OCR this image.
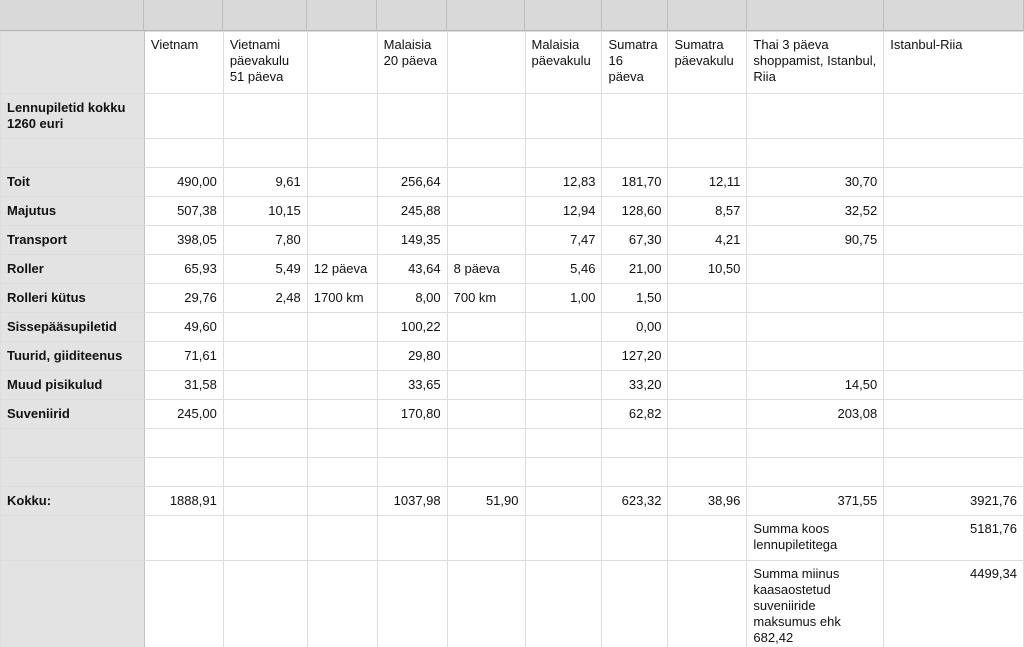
	Vietnam	Vietnami päevakulu 51 päeva		Malaisia 20 päeva		Malaisia päevakulu	Sumatra 16 päeva	Sumatra päevakulu	Thai 3 päeva shoppamist, Istanbul, Riia	Istanbul-Riia
Lennupiletid kokku 1260 euri										

Toit	490,00	9,61		256,64		12,83	181,70	12,11	30,70	
Majutus	507,38	10,15		245,88		12,94	128,60	8,57	32,52	
Transport	398,05	7,80		149,35		7,47	67,30	4,21	90,75	
Roller	65,93	5,49	12 päeva	43,64	8 päeva	5,46	21,00	10,50		
Rolleri kütus	29,76	2,48	1700 km	8,00	700 km	1,00	1,50			
Sissepääsupiletid	49,60			100,22			0,00			
Tuurid, giiditeenus	71,61			29,80			127,20			
Muud pisikulud	31,58			33,65			33,20		14,50	
Suveniirid	245,00			170,80			62,82		203,08	

Kokku:	1888,91			1037,98	51,90		623,32	38,96	371,55	3921,76
									Summa koos lennupiletitega	5181,76
									Summa miinus kaasaostetud suveniiride maksumus ehk 682,42	4499,34
